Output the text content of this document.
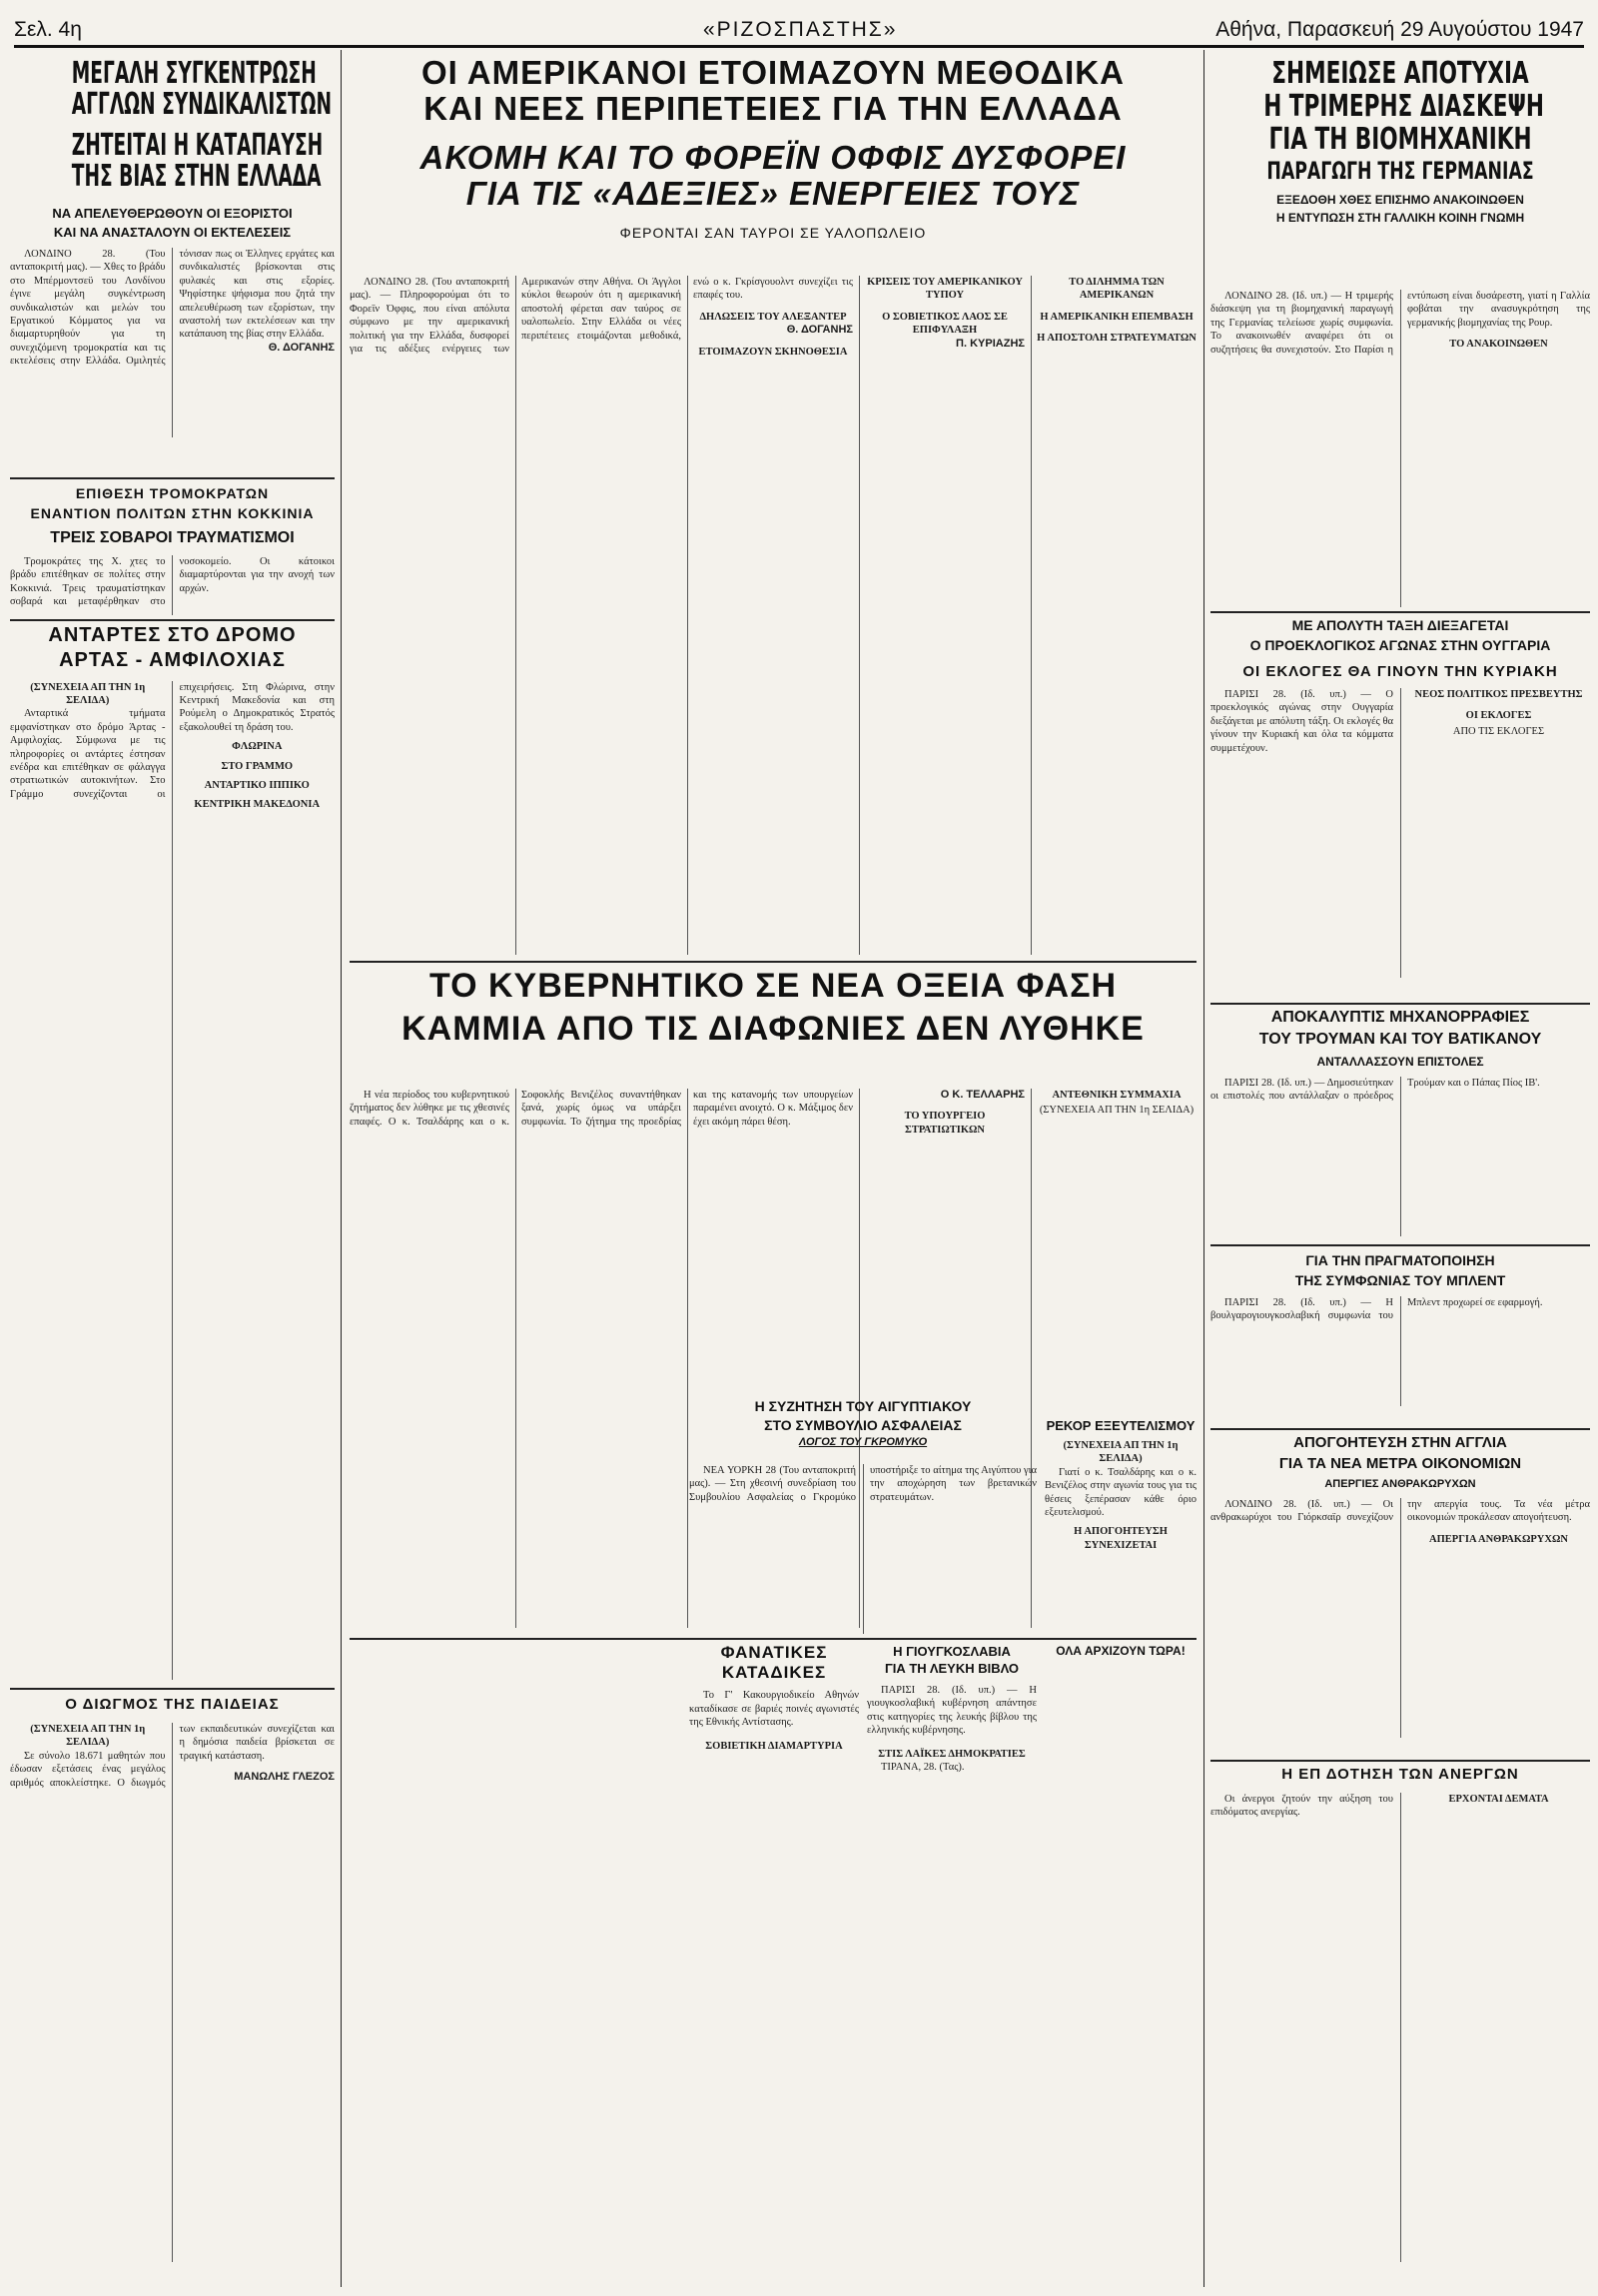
Σελ. 4η	«ΡΙΖΟΣΠΑΣΤΗΣ»	Αθήνα, Παρασκευή 29 Αυγούστου 1947
ΜΕΓΑΛΗ ΣΥΓΚΕΝΤΡΩΣΗ
ΑΓΓΛΩΝ ΣΥΝΔΙΚΑΛΙΣΤΩΝ
ΖΗΤΕΙΤΑΙ Η ΚΑΤΑΠΑΥΣΗ
ΤΗΣ ΒΙΑΣ ΣΤΗΝ ΕΛΛΑΔΑ
ΝΑ ΑΠΕΛΕΥΘΕΡΩΘΟΥΝ ΟΙ ΕΞΟΡΙΣΤΟΙ
ΚΑΙ ΝΑ ΑΝΑΣΤΑΛΟΥΝ ΟΙ ΕΚΤΕΛΕΣΕΙΣ

ΛΟΝΔΙΝΟ 28. (Του ανταποκριτή μας). — Χθες το βράδυ στο Μπέρμοντσεϋ του Λονδίνου έγινε μεγάλη συγκέντρωση συνδικαλιστών και μελών του Εργατικού Κόμματος για να διαμαρτυρηθούν για τη συνεχιζόμενη τρομοκρατία και τις εκτελέσεις στην Ελλάδα. Ομιλητές τόνισαν πως οι Έλληνες εργάτες και συνδικαλιστές βρίσκονται στις φυλακές και στις εξορίες. Ψηφίστηκε ψήφισμα που ζητά την απελευθέρωση των εξορίστων, την αναστολή των εκτελέσεων και την κατάπαυση της βίας στην Ελλάδα.

Θ. ΔΟΓΑΝΗΣ
ΕΠΙΘΕΣΗ ΤΡΟΜΟΚΡΑΤΩΝ
ΕΝΑΝΤΙΟΝ ΠΟΛΙΤΩΝ ΣΤΗΝ ΚΟΚΚΙΝΙΑ
ΤΡΕΙΣ ΣΟΒΑΡΟΙ ΤΡΑΥΜΑΤΙΣΜΟΙ

Τρομοκράτες της Χ. χτες το βράδυ επιτέθηκαν σε πολίτες στην Κοκκινιά. Τρεις τραυματίστηκαν σοβαρά και μεταφέρθηκαν στο νοσοκομείο. Οι κάτοικοι διαμαρτύρονται για την ανοχή των αρχών.

ΑΝΤΑΡΤΕΣ ΣΤΟ ΔΡΟΜΟ
ΑΡΤΑΣ - ΑΜΦΙΛΟΧΙΑΣ

(ΣΥΝΕΧΕΙΑ ΑΠ ΤΗΝ 1η ΣΕΛΙΔΑ)

Ανταρτικά τμήματα εμφανίστηκαν στο δρόμο Άρτας - Αμφιλοχίας. Σύμφωνα με τις πληροφορίες οι αντάρτες έστησαν ενέδρα και επιτέθηκαν σε φάλαγγα στρατιωτικών αυτοκινήτων. Στο Γράμμο συνεχίζονται οι επιχειρήσεις. Στη Φλώρινα, στην Κεντρική Μακεδονία και στη Ρούμελη ο Δημοκρατικός Στρατός εξακολουθεί τη δράση του.

ΦΛΩΡΙΝΑ

ΣΤΟ ΓΡΑΜΜΟ

ΑΝΤΑΡΤΙΚΟ ΙΠΠΙΚΟ

ΚΕΝΤΡΙΚΗ ΜΑΚΕΔΟΝΙΑ

Ο ΔΙΩΓΜΟΣ ΤΗΣ ΠΑΙΔΕΙΑΣ

(ΣΥΝΕΧΕΙΑ ΑΠ ΤΗΝ 1η ΣΕΛΙΔΑ)

Σε σύνολο 18.671 μαθητών που έδωσαν εξετάσεις ένας μεγάλος αριθμός αποκλείστηκε. Ο διωγμός των εκπαιδευτικών συνεχίζεται και η δημόσια παιδεία βρίσκεται σε τραγική κατάσταση.

ΜΑΝΩΛΗΣ ΓΛΕΖΟΣ
ΟΙ ΑΜΕΡΙΚΑΝΟΙ ΕΤΟΙΜΑΖΟΥΝ ΜΕΘΟΔΙΚΑ
ΚΑΙ ΝΕΕΣ ΠΕΡΙΠΕΤΕΙΕΣ ΓΙΑ ΤΗΝ ΕΛΛΑΔΑ
ΑΚΟΜΗ ΚΑΙ ΤΟ ΦΟΡΕΪΝ ΟΦΦΙΣ ΔΥΣΦΟΡΕΙ
ΓΙΑ ΤΙΣ «ΑΔΕΞΙΕΣ» ΕΝΕΡΓΕΙΕΣ ΤΟΥΣ
ΦΕΡΟΝΤΑΙ ΣΑΝ ΤΑΥΡΟΙ ΣΕ ΥΑΛΟΠΩΛΕΙΟ

ΛΟΝΔΙΝΟ 28. (Του ανταποκριτή μας). — Πληροφορούμαι ότι το Φορεϊν Όφφις, που είναι απόλυτα σύμφωνο με την αμερικανική πολιτική για την Ελλάδα, δυσφορεί για τις αδέξιες ενέργειες των Αμερικανών στην Αθήνα. Οι Άγγλοι κύκλοι θεωρούν ότι η αμερικανική αποστολή φέρεται σαν ταύρος σε υαλοπωλείο. Στην Ελλάδα οι νέες περιπέτειες ετοιμάζονται μεθοδικά, ενώ ο κ. Γκρίσγουολντ συνεχίζει τις επαφές του.

ΔΗΛΩΣΕΙΣ ΤΟΥ ΑΛΕΞΑΝΤΕΡ

Θ. ΔΟΓΑΝΗΣ

ΕΤΟΙΜΑΖΟΥΝ ΣΚΗΝΟΘΕΣΙΑ

ΚΡΙΣΕΙΣ ΤΟΥ ΑΜΕΡΙΚΑΝΙΚΟΥ ΤΥΠΟΥ

Ο ΣΟΒΙΕΤΙΚΟΣ ΛΑΟΣ ΣΕ ΕΠΙΦΥΛΑΞΗ

Π. ΚΥΡΙΑΖΗΣ

ΤΟ ΔΙΛΗΜΜΑ ΤΩΝ ΑΜΕΡΙΚΑΝΩΝ

Η ΑΜΕΡΙΚΑΝΙΚΗ ΕΠΕΜΒΑΣΗ

Η ΑΠΟΣΤΟΛΗ ΣΤΡΑΤΕΥΜΑΤΩΝ

ΤΟ ΚΥΒΕΡΝΗΤΙΚΟ ΣΕ ΝΕΑ ΟΞΕΙΑ ΦΑΣΗ
ΚΑΜΜΙΑ ΑΠΟ ΤΙΣ ΔΙΑΦΩΝΙΕΣ ΔΕΝ ΛΥΘΗΚΕ

Η νέα περίοδος του κυβερνητικού ζητήματος δεν λύθηκε με τις χθεσινές επαφές. Ο κ. Τσαλδάρης και ο κ. Σοφοκλής Βενιζέλος συναντήθηκαν ξανά, χωρίς όμως να υπάρξει συμφωνία. Το ζήτημα της προεδρίας και της κατανομής των υπουργείων παραμένει ανοιχτό. Ο κ. Μάξιμος δεν έχει ακόμη πάρει θέση.

Ο Κ. ΤΕΛΛΑΡΗΣ

ΤΟ ΥΠΟΥΡΓΕΙΟ ΣΤΡΑΤΙΩΤΙΚΩΝ

ΑΝΤΕΘΝΙΚΗ ΣΥΜΜΑΧΙΑ

(ΣΥΝΕΧΕΙΑ ΑΠ ΤΗΝ 1η ΣΕΛΙΔΑ)

Η ΣΥΖΗΤΗΣΗ ΤΟΥ ΑΙΓΥΠΤΙΑΚΟΥ
ΣΤΟ ΣΥΜΒΟΥΛΙΟ ΑΣΦΑΛΕΙΑΣ
ΛΟΓΟΣ ΤΟΥ ΓΚΡΟΜΥΚΟ

ΝΕΑ ΥΟΡΚΗ 28 (Του ανταποκριτή μας). — Στη χθεσινή συνεδρίαση του Συμβουλίου Ασφαλείας ο Γκρομύκο υποστήριξε το αίτημα της Αιγύπτου για την αποχώρηση των βρετανικών στρατευμάτων.

ΡΕΚΟΡ ΕΞΕΥΤΕΛΙΣΜΟΥ

(ΣΥΝΕΧΕΙΑ ΑΠ ΤΗΝ 1η ΣΕΛΙΔΑ)

Γιατί ο κ. Τσαλδάρης και ο κ. Βενιζέλος στην αγωνία τους για τις θέσεις ξεπέρασαν κάθε όριο εξευτελισμού.

Η ΑΠΟΓΟΗΤΕΥΣΗ ΣΥΝΕΧΙΖΕΤΑΙ

ΦΑΝΑΤΙΚΕΣ
ΚΑΤΑΔΙΚΕΣ

Το Γ' Κακουργιοδικείο Αθηνών καταδίκασε σε βαριές ποινές αγωνιστές της Εθνικής Αντίστασης.

ΣΟΒΙΕΤΙΚΗ ΔΙΑΜΑΡΤΥΡΙΑ

Η ΓΙΟΥΓΚΟΣΛΑΒΙΑ
ΓΙΑ ΤΗ ΛΕΥΚΗ ΒΙΒΛΟ

ΠΑΡΙΣΙ 28. (Ιδ. υπ.) — Η γιουγκοσλαβική κυβέρνηση απάντησε στις κατηγορίες της λευκής βίβλου της ελληνικής κυβέρνησης.

ΣΤΙΣ ΛΑΪΚΕΣ ΔΗΜΟΚΡΑΤΙΕΣ

ΤΙΡΑΝΑ, 28. (Τας).

ΟΛΑ ΑΡΧΙΖΟΥΝ ΤΩΡΑ!
ΣΗΜΕΙΩΣΕ ΑΠΟΤΥΧΙΑ
Η ΤΡΙΜΕΡΗΣ ΔΙΑΣΚΕΨΗ
ΓΙΑ ΤΗ ΒΙΟΜΗΧΑΝΙΚΗ
ΠΑΡΑΓΩΓΗ ΤΗΣ ΓΕΡΜΑΝΙΑΣ
ΕΞΕΔΟΘΗ ΧΘΕΣ ΕΠΙΣΗΜΟ ΑΝΑΚΟΙΝΩΘΕΝ
Η ΕΝΤΥΠΩΣΗ ΣΤΗ ΓΑΛΛΙΚΗ ΚΟΙΝΗ ΓΝΩΜΗ

ΛΟΝΔΙΝΟ 28. (Ιδ. υπ.) — Η τριμερής διάσκεψη για τη βιομηχανική παραγωγή της Γερμανίας τελείωσε χωρίς συμφωνία. Το ανακοινωθέν αναφέρει ότι οι συζητήσεις θα συνεχιστούν. Στο Παρίσι η εντύπωση είναι δυσάρεστη, γιατί η Γαλλία φοβάται την ανασυγκρότηση της γερμανικής βιομηχανίας της Ρουρ.

ΤΟ ΑΝΑΚΟΙΝΩΘΕΝ

ΜΕ ΑΠΟΛΥΤΗ ΤΑΞΗ ΔΙΕΞΑΓΕΤΑΙ
Ο ΠΡΟΕΚΛΟΓΙΚΟΣ ΑΓΩΝΑΣ ΣΤΗΝ ΟΥΓΓΑΡΙΑ
ΟΙ ΕΚΛΟΓΕΣ ΘΑ ΓΙΝΟΥΝ ΤΗΝ ΚΥΡΙΑΚΗ

ΠΑΡΙΣΙ 28. (Ιδ. υπ.) — Ο προεκλογικός αγώνας στην Ουγγαρία διεξάγεται με απόλυτη τάξη. Οι εκλογές θα γίνουν την Κυριακή και όλα τα κόμματα συμμετέχουν.

ΝΕΟΣ ΠΟΛΙΤΙΚΟΣ ΠΡΕΣΒΕΥΤΗΣ

ΟΙ ΕΚΛΟΓΕΣ

ΑΠΟ ΤΙΣ ΕΚΛΟΓΕΣ

ΑΠΟΚΑΛΥΠΤΙΣ ΜΗΧΑΝΟΡΡΑΦΙΕΣ
ΤΟΥ ΤΡΟΥΜΑΝ ΚΑΙ ΤΟΥ ΒΑΤΙΚΑΝΟΥ
ΑΝΤΑΛΛΑΣΣΟΥΝ ΕΠΙΣΤΟΛΕΣ

ΠΑΡΙΣΙ 28. (Ιδ. υπ.) — Δημοσιεύτηκαν οι επιστολές που αντάλλαξαν ο πρόεδρος Τρούμαν και ο Πάπας Πίος ΙΒ'.

ΓΙΑ ΤΗΝ ΠΡΑΓΜΑΤΟΠΟΙΗΣΗ
ΤΗΣ ΣΥΜΦΩΝΙΑΣ ΤΟΥ ΜΠΛΕΝΤ

ΠΑΡΙΣΙ 28. (Ιδ. υπ.) — Η βουλγαρογιουγκοσλαβική συμφωνία του Μπλεντ προχωρεί σε εφαρμογή.

ΑΠΟΓΟΗΤΕΥΣΗ ΣΤΗΝ ΑΓΓΛΙΑ
ΓΙΑ ΤΑ ΝΕΑ ΜΕΤΡΑ ΟΙΚΟΝΟΜΙΩΝ
ΑΠΕΡΓΙΕΣ ΑΝΘΡΑΚΩΡΥΧΩΝ

ΛΟΝΔΙΝΟ 28. (Ιδ. υπ.) — Οι ανθρακωρύχοι του Γιόρκσαϊρ συνεχίζουν την απεργία τους. Τα νέα μέτρα οικονομιών προκάλεσαν απογοήτευση.

ΑΠΕΡΓΙΑ ΑΝΘΡΑΚΩΡΥΧΩΝ

Η ΕΠ ΔΟΤΗΣΗ ΤΩΝ ΑΝΕΡΓΩΝ

Οι άνεργοι ζητούν την αύξηση του επιδόματος ανεργίας.

ΕΡΧΟΝΤΑΙ ΔΕΜΑΤΑ
